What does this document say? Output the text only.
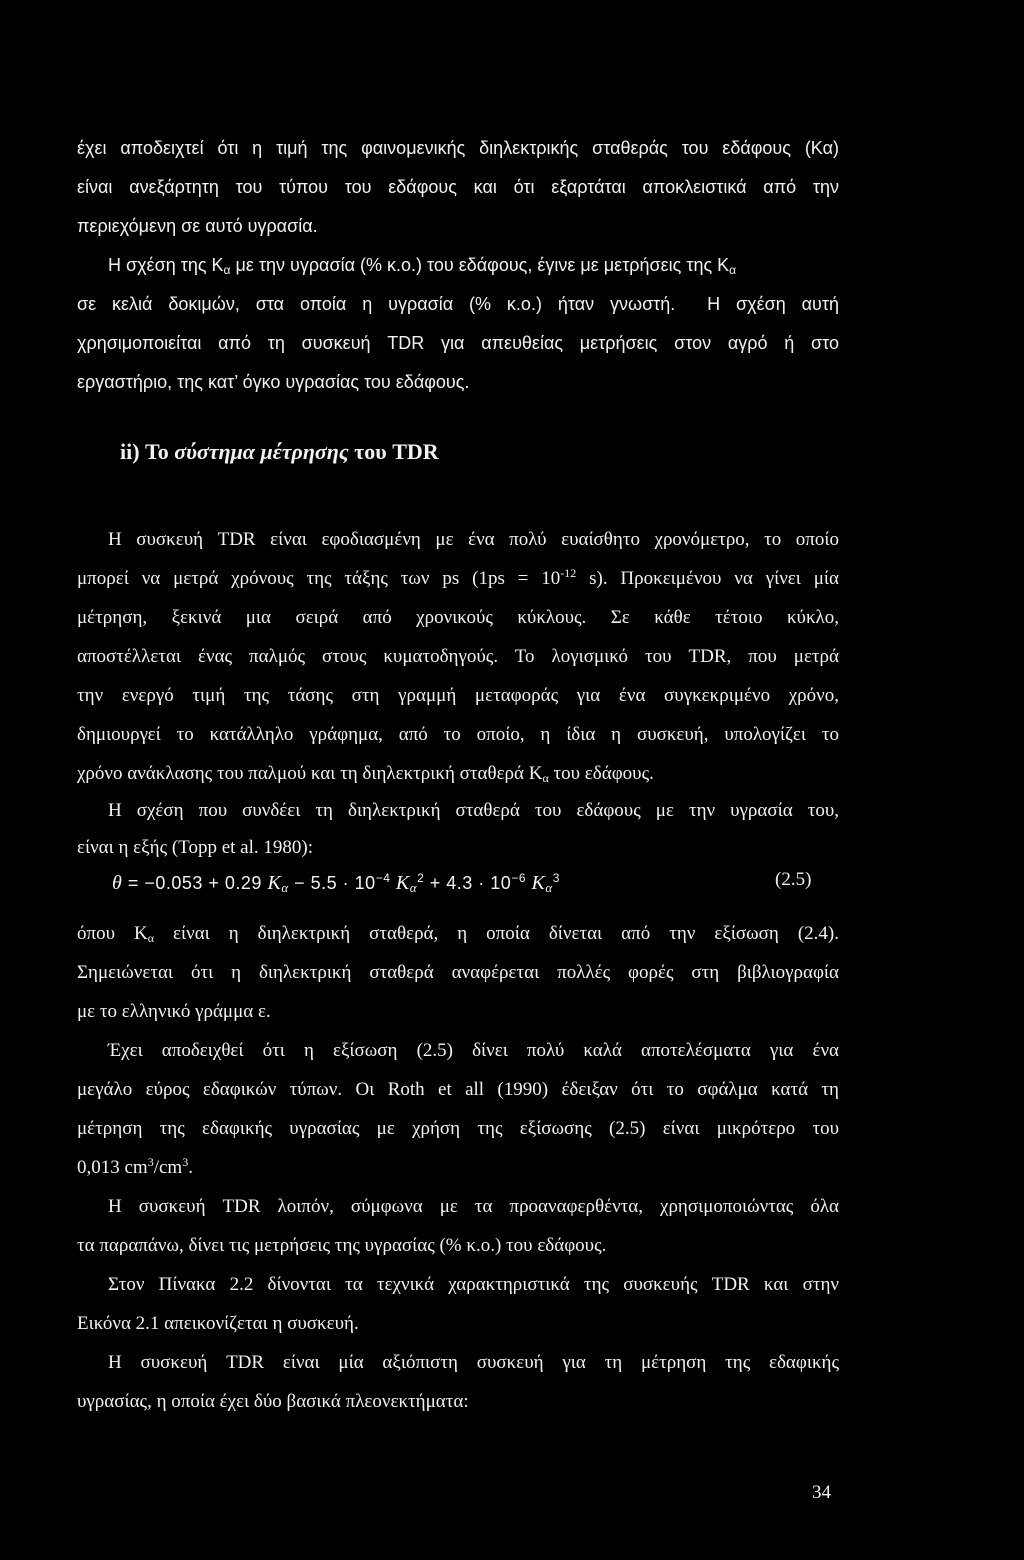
έχει αποδειχτεί ότι η τιμή της φαινομενικής διηλεκτρικής σταθεράς του εδάφους (Κα)

είναι ανεξάρτητη του τύπου του εδάφους και ότι εξαρτάται αποκλειστικά από την

περιεχόμενη σε αυτό υγρασία.

Η σχέση της $K_\alpha$ με την υγρασία (% κ.ο.) του εδάφους, έγινε με μετρήσεις της $K_\alpha$

σε κελιά δοκιμών, στα οποία η υγρασία (% κ.ο.) ήταν γνωστή. Η σχέση αυτή

χρησιμοποιείται από τη συσκευή TDR για απευθείας μετρήσεις στον αγρό ή στο

εργαστήριο, της κατ’ όγκο υγρασίας του εδάφους.

ii) Το σύστημα μέτρησης του TDR

Η συσκευή TDR είναι εφοδιασμένη με ένα πολύ ευαίσθητο χρονόμετρο, το οποίο

μπορεί να μετρά χρόνους της τάξης των ps ($1ps = 10^{-12}$ s). Προκειμένου να γίνει μία

μέτρηση, ξεκινά μια σειρά από χρονικούς κύκλους. Σε κάθε τέτοιο κύκλο,

αποστέλλεται ένας παλμός στους κυματοδηγούς. Το λογισμικό του TDR, που μετρά

την ενεργό τιμή της τάσης στη γραμμή μεταφοράς για ένα συγκεκριμένο χρόνο,

δημιουργεί το κατάλληλο γράφημα, από το οποίο, η ίδια η συσκευή, υπολογίζει το

χρόνο ανάκλασης του παλμού και τη διηλεκτρική σταθερά $K_\alpha$ του εδάφους.

Η σχέση που συνδέει τη διηλεκτρική σταθερά του εδάφους με την υγρασία του,

είναι η εξής (Topp et al. 1980):

θ = −0.053 + 0.29 $K_\alpha - 5.5 \cdot 10^{-4}$ $K_\alpha^2 + 4.3 \cdot 10^{-6}$ $K_\alpha^3$	(2.5)

όπου $K_\alpha$ είναι η διηλεκτρική σταθερά, η οποία δίνεται από την εξίσωση (2.4).

Σημειώνεται ότι η διηλεκτρική σταθερά αναφέρεται πολλές φορές στη βιβλιογραφία

με το ελληνικό γράμμα ε.

Έχει αποδειχθεί ότι η εξίσωση (2.5) δίνει πολύ καλά αποτελέσματα για ένα

μεγάλο εύρος εδαφικών τύπων. Οι Roth et all (1990) έδειξαν ότι το σφάλμα κατά τη

μέτρηση της εδαφικής υγρασίας με χρήση της εξίσωσης (2.5) είναι μικρότερο του

0,013 $cm^3/cm^3$.

Η συσκευή TDR λοιπόν, σύμφωνα με τα προαναφερθέντα, χρησιμοποιώντας όλα

τα παραπάνω, δίνει τις μετρήσεις της υγρασίας (% κ.ο.) του εδάφους.

Στον Πίνακα 2.2 δίνονται τα τεχνικά χαρακτηριστικά της συσκευής TDR και στην

Εικόνα 2.1 απεικονίζεται η συσκευή.

Η συσκευή TDR είναι μία αξιόπιστη συσκευή για τη μέτρηση της εδαφικής

υγρασίας, η οποία έχει δύο βασικά πλεονεκτήματα:

34
